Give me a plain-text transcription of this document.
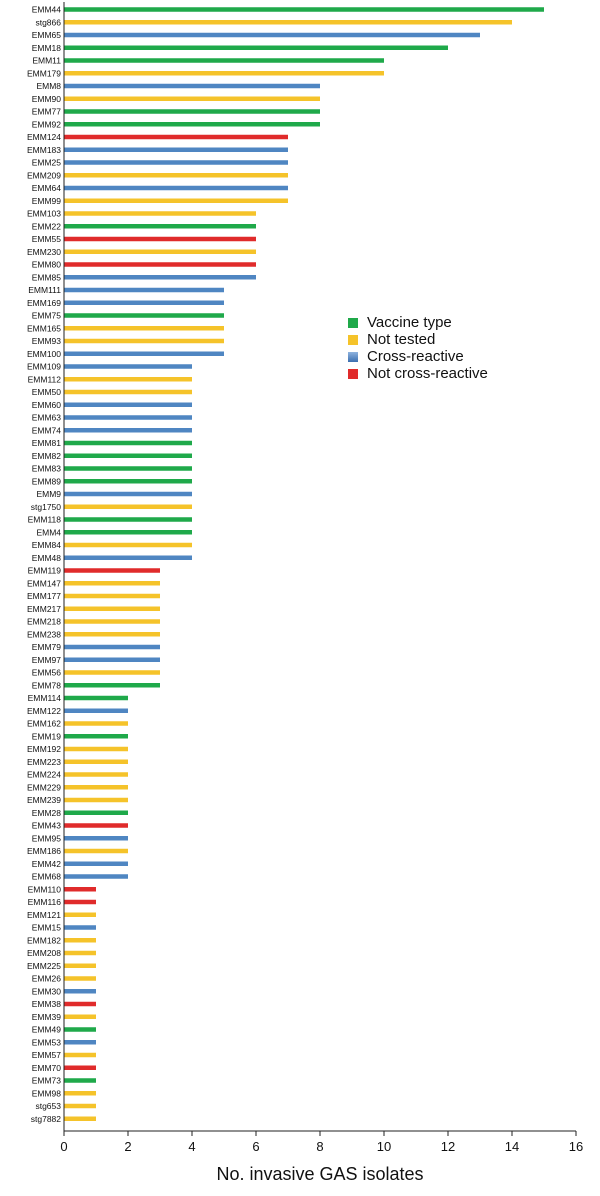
EMM44
stg866
EMM65
EMM18
EMM11
EMM179
EMM8
EMM90
EMM77
EMM92
EMM124
EMM183
EMM25
EMM209
EMM64
EMM99
EMM103
EMM22
EMM55
EMM230
EMM80
EMM85
EMM111
EMM169
EMM75
EMM165
EMM93
EMM100
EMM109
EMM112
EMM50
EMM60
EMM63
EMM74
EMM81
EMM82
EMM83
EMM89
EMM9
stg1750
EMM118
EMM4
EMM84
EMM48
EMM119
EMM147
EMM177
EMM217
EMM218
EMM238
EMM79
EMM97
EMM56
EMM78
EMM114
EMM122
EMM162
EMM19
EMM192
EMM223
EMM224
EMM229
EMM239
EMM28
EMM43
EMM95
EMM186
EMM42
EMM68
EMM110
EMM116
EMM121
EMM15
EMM182
EMM208
EMM225
EMM26
EMM30
EMM38
EMM39
EMM49
EMM53
EMM57
EMM70
EMM73
EMM98
stg653
stg7882
0	2	4	6	8	10	12	14	16
Vaccine type
Not tested
Cross-reactive
Not cross-reactive
No. invasive GAS isolates
